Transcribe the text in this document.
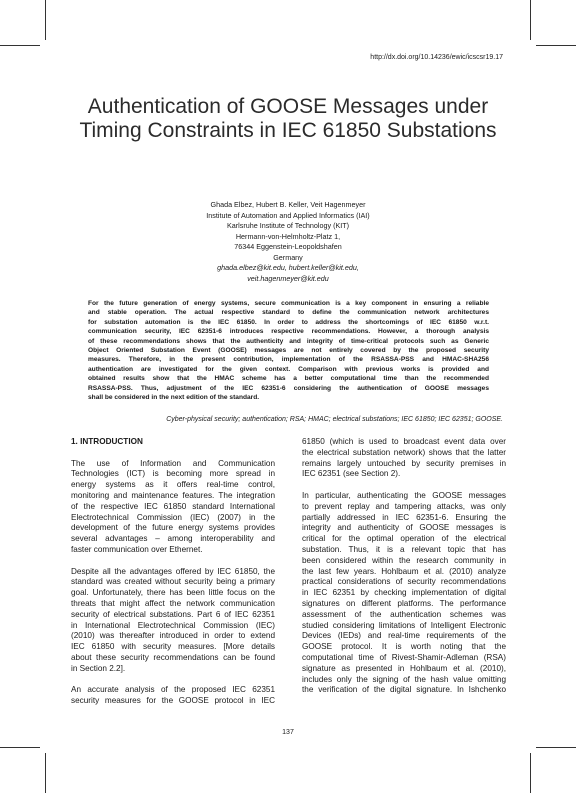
http://dx.doi.org/10.14236/ewic/icscsr19.17
Authentication of GOOSE Messages under
Timing Constraints in IEC 61850 Substations
Ghada Elbez, Hubert B. Keller, Veit Hagenmeyer
Institute of Automation and Applied Informatics (IAI)
Karlsruhe Institute of Technology (KIT)
Hermann-von-Helmholtz-Platz 1,
76344 Eggenstein-Leopoldshafen
Germany
ghada.elbez@kit.edu, hubert.keller@kit.edu,
veit.hagenmeyer@kit.edu
For the future generation of energy systems, secure communication is a key component in ensuring a reliable
and stable operation. The actual respective standard to define the communication network architectures
for substation automation is the IEC 61850. In order to address the shortcomings of IEC 61850 w.r.t.
communication security, IEC 62351-6 introduces respective recommendations. However, a thorough analysis
of these recommendations shows that the authenticity and integrity of time-critical protocols such as Generic
Object Oriented Substation Event (GOOSE) messages are not entirely covered by the proposed security
measures. Therefore, in the present contribution, implementation of the RSASSA-PSS and HMAC-SHA256
authentication are investigated for the given context. Comparison with previous works is provided and
obtained results show that the HMAC scheme has a better computational time than the recommended
RSASSA-PSS. Thus, adjustment of the IEC 62351-6 considering the authentication of GOOSE messages
shall be considered in the next edition of the standard.
Cyber-physical security; authentication; RSA; HMAC; electrical substations; IEC 61850; IEC 62351; GOOSE.
1. INTRODUCTION
The use of Information and Communication
Technologies (ICT) is becoming more spread in
energy systems as it offers real-time control,
monitoring and maintenance features. The integration
of the respective IEC 61850 standard International
Electrotechnical Commission (IEC) (2007) in the
development of the future energy systems provides
several advantages – among interoperability and
faster communication over Ethernet.
Despite all the advantages offered by IEC 61850, the
standard was created without security being a primary
goal. Unfortunately, there has been little focus on the
threats that might affect the network communication
security of electrical substations. Part 6 of IEC 62351
in International Electrotechnical Commission (IEC)
(2010) was thereafter introduced in order to extend
IEC 61850 with security measures. [More details
about these security recommendations can be found
in Section 2.2].
An accurate analysis of the proposed IEC 62351
security measures for the GOOSE protocol in IEC
61850 (which is used to broadcast event data over
the electrical substation network) shows that the latter
remains largely untouched by security premises in
IEC 62351 (see Section 2).
In particular, authenticating the GOOSE messages
to prevent replay and tampering attacks, was only
partially addressed in IEC 62351-6. Ensuring the
integrity and authenticity of GOOSE messages is
critical for the optimal operation of the electrical
substation. Thus, it is a relevant topic that has
been considered within the research community in
the last few years. Hohlbaum et al. (2010) analyze
practical considerations of security recommendations
in IEC 62351 by checking implementation of digital
signatures on different platforms. The performance
assessment of the authentication schemes was
studied considering limitations of Intelligent Electronic
Devices (IEDs) and real-time requirements of the
GOOSE protocol. It is worth noting that the
computational time of Rivest-Shamir-Adleman (RSA)
signature as presented in Hohlbaum et al. (2010),
includes only the signing of the hash value omitting
the verification of the digital signature. In Ishchenko
137
